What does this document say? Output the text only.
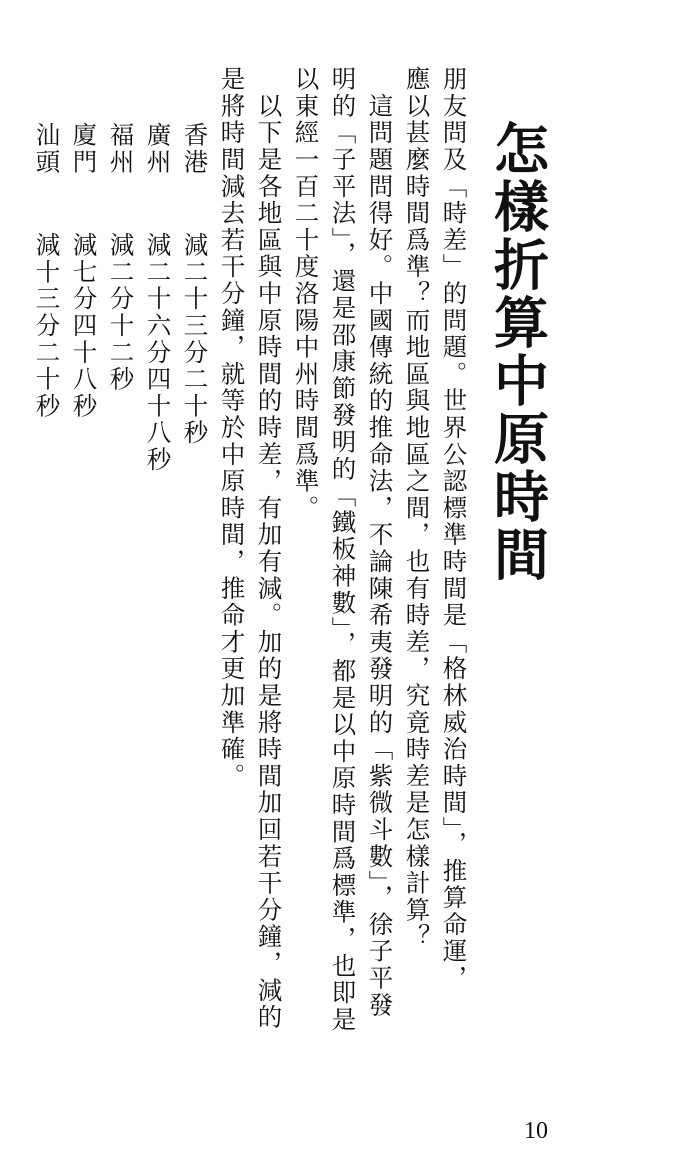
怎樣折算中原時間
朋友問及「時差」的問題。世界公認標準時間是「格林威治時間」，推算命運，
應以甚麼時間爲準？而地區與地區之間，也有時差，究竟時差是怎樣計算？
　這問題問得好。中國傳統的推命法，不論陳希夷發明的「紫微斗數」，徐子平發
明的「子平法」，還是邵康節發明的「鐵板神數」，都是以中原時間爲標準，也即是
以東經一百二十度洛陽中州時間爲準。
　以下是各地區與中原時間的時差，有加有減。加的是將時間加回若干分鐘，減的
是將時間減去若干分鐘，就等於中原時間，推命才更加準確。
香港
減二十三分二十秒
廣州
減二十六分四十八秒
福州
減二分十二秒
廈門
減七分四十八秒
汕頭
減十三分二十秒
10
